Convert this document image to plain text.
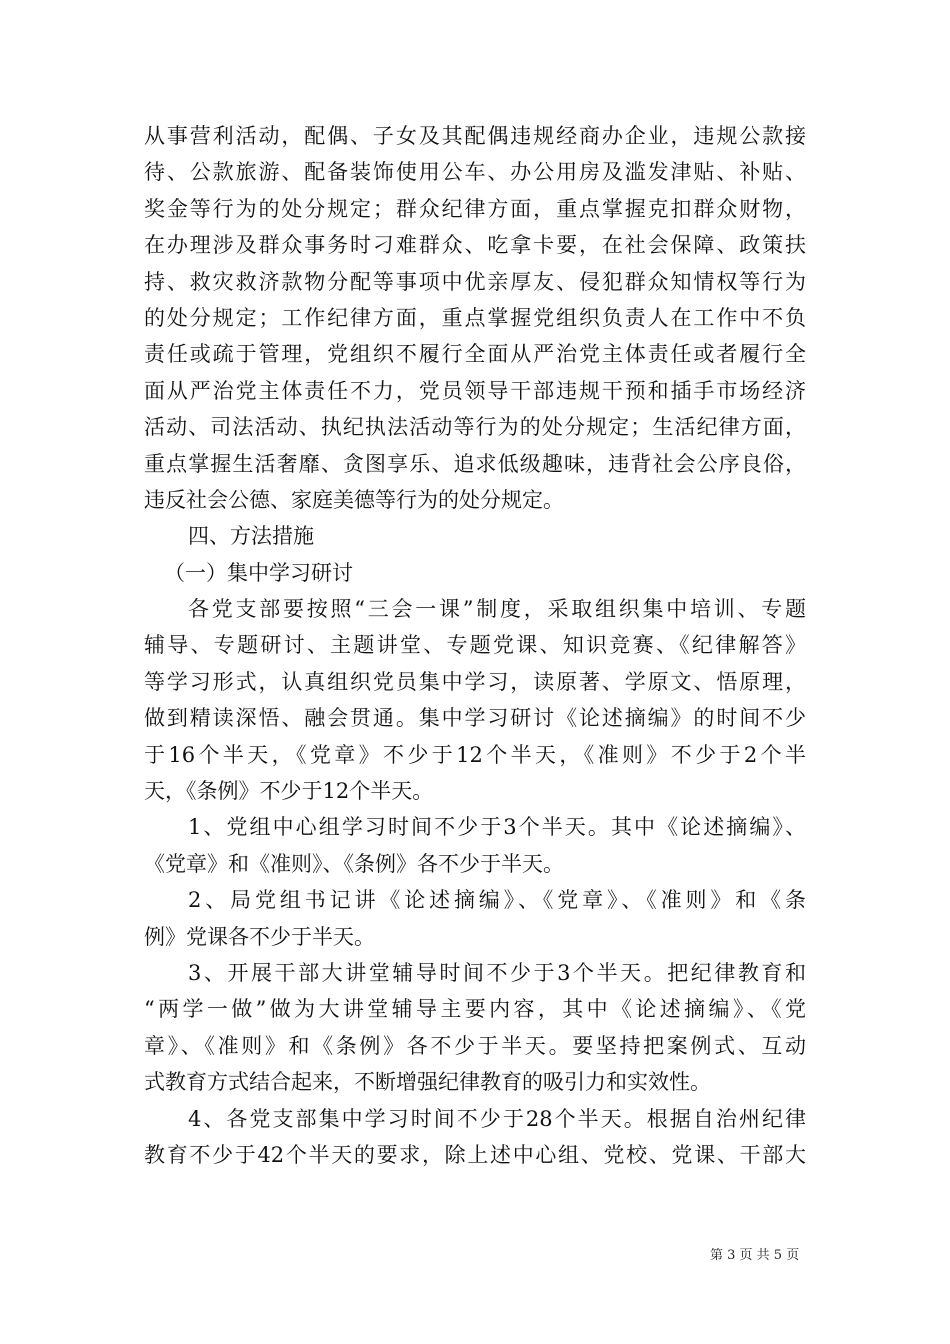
从事营利活动，配偶、子女及其配偶违规经商办企业，违规公款接
待、公款旅游、配备装饰使用公车、办公用房及滥发津贴、补贴、
奖金等行为的处分规定；群众纪律方面，重点掌握克扣群众财物，
在办理涉及群众事务时刁难群众、吃拿卡要，在社会保障、政策扶
持、救灾救济款物分配等事项中优亲厚友、侵犯群众知情权等行为
的处分规定；工作纪律方面，重点掌握党组织负责人在工作中不负
责任或疏于管理，党组织不履行全面从严治党主体责任或者履行全
面从严治党主体责任不力，党员领导干部违规干预和插手市场经济
活动、司法活动、执纪执法活动等行为的处分规定；生活纪律方面，
重点掌握生活奢靡、贪图享乐、追求低级趣味，违背社会公序良俗，
违反社会公德、家庭美德等行为的处分规定。
四、方法措施
（一）集中学习研讨
各党支部要按照“三会一课”制度，采取组织集中培训、专题
辅导、专题研讨、主题讲堂、专题党课、知识竞赛、《纪律解答》
等学习形式，认真组织党员集中学习，读原著、学原文、悟原理，
做到精读深悟、融会贯通。集中学习研讨《论述摘编》的时间不少
于16个半天，《党章》不少于12个半天，《准则》不少于2个半
天，《条例》不少于12个半天。
1、党组中心组学习时间不少于3个半天。其中《论述摘编》、
《党章》和《准则》、《条例》各不少于半天。
2、局党组书记讲《论述摘编》、《党章》、《准则》和《条
例》党课各不少于半天。
3、开展干部大讲堂辅导时间不少于3个半天。把纪律教育和
“两学一做”做为大讲堂辅导主要内容，其中《论述摘编》、《党
章》、《准则》和《条例》各不少于半天。要坚持把案例式、互动
式教育方式结合起来，不断增强纪律教育的吸引力和实效性。
4、各党支部集中学习时间不少于28个半天。根据自治州纪律
教育不少于42个半天的要求，除上述中心组、党校、党课、干部大
第 3 页 共 5 页
